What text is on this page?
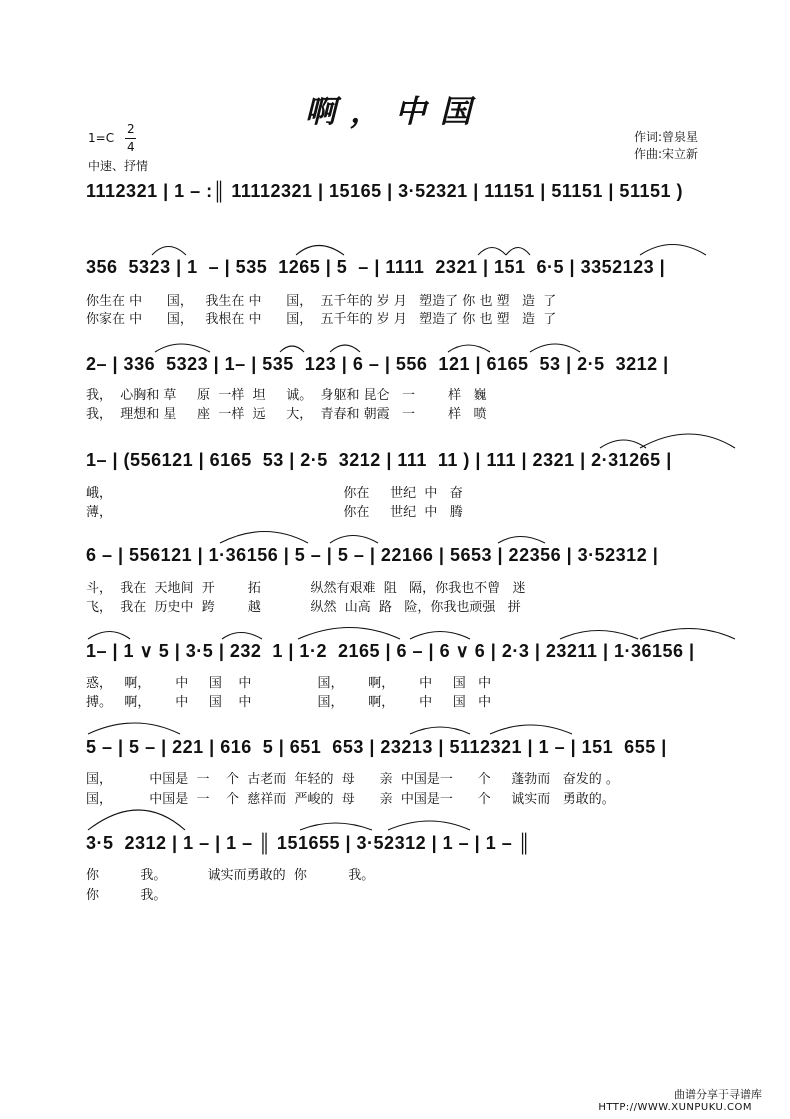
啊，中国
1=C
2
4
中速、抒情
作词:曾泉星
作曲:宋立新
1112321 | 1 – :║ 11112321 | 15165 | 3·52321 | 11151 | 51151 | 51151 )
356  5323 | 1  – | 535  1265 | 5  – | 1111  2321 | 151  6·5 | 3352123 |
你生在 中      国，   我生在 中      国，  五千年的 岁 月   塑造了 你 也 塑   造  了
你家在 中      国，   我根在 中      国，  五千年的 岁 月   塑造了 你 也 塑   造  了
2– | 336  5323 | 1– | 535  123 | 6 – | 556  121 | 6165  53 | 2·5  3212 |
我，  心胸和 草     原  一样  坦     诚。  身躯和 昆仑   一        样   巍
我，  理想和 星     座  一样  远     大，  青春和 朝霞   一        样   喷
1– | (556121 | 6165  53 | 2·5  3212 | 111  11 ) | 111 | 2321 | 2·31265 |
峨，                                                        你在     世纪  中   奋
薄，                                                        你在     世纪  中   腾
6 – | 556121 | 1·36156 | 5 – | 5 – | 22166 | 5653 | 22356 | 3·52312 |
斗，  我在  天地间  开        拓            纵然有艰难  阻   隔，你我也不曾   迷
飞，  我在  历史中  跨        越            纵然  山高  路   险，你我也顽强   拼
1– | 1 ∨ 5 | 3·5 | 232  1 | 1·2  2165 | 6 – | 6 ∨ 6 | 2·3 | 23211 | 1·36156 |
惑，   啊，      中     国    中                国，      啊，      中     国   中
搏。   啊，      中     国    中                国，      啊，      中     国   中
5 – | 5 – | 221 | 616  5 | 651  653 | 23213 | 5112321 | 1 – | 151  655 |
国，         中国是  一    个  古老而  年轻的  母      亲  中国是一      个     蓬勃而   奋发的 。
国，         中国是  一    个  慈祥而  严峻的  母      亲  中国是一      个     诚实而   勇敢的。
3·5  2312 | 1 – | 1 – ║ 151655 | 3·52312 | 1 – | 1 – ║
你          我。          诚实而勇敢的  你          我。
你          我。
曲谱分享于寻谱库
HTTP://WWW.XUNPUKU.COM
